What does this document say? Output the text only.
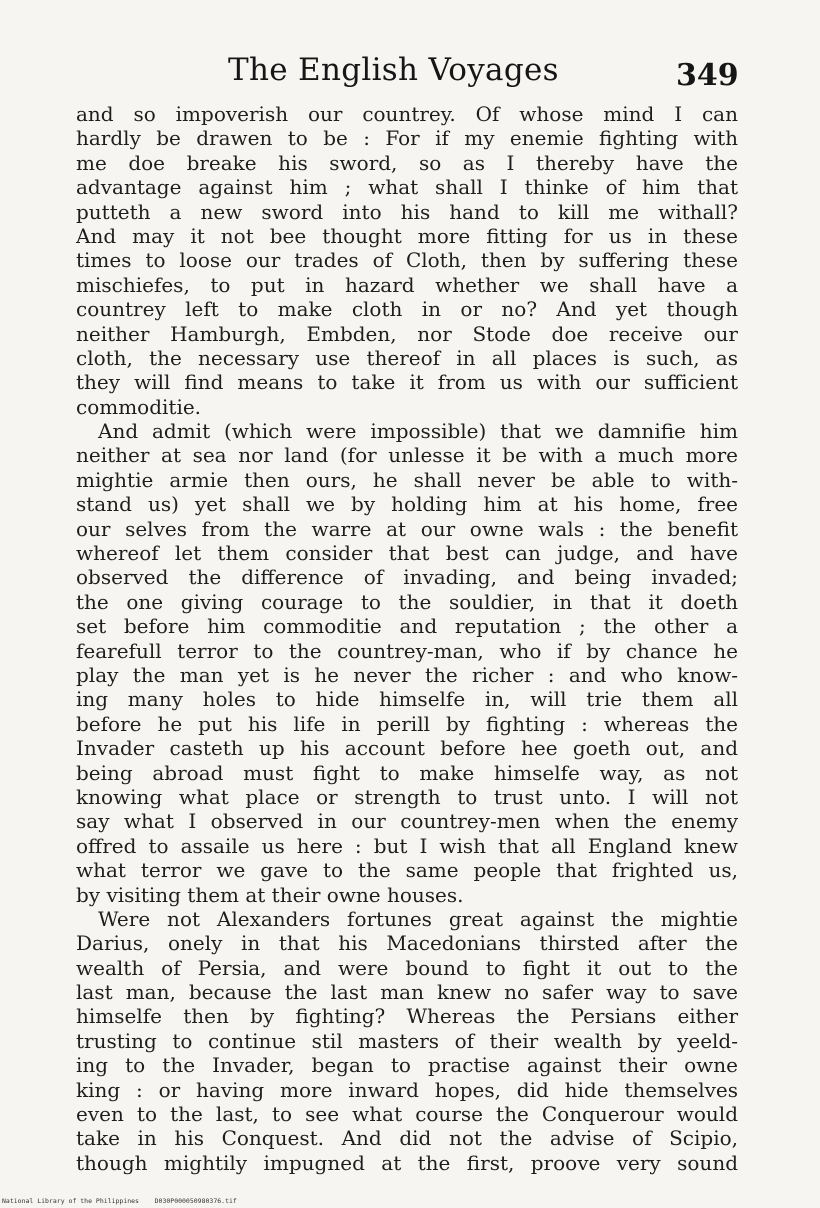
The English Voyages	349
and so impoverish our countrey. Of whose mind I can
hardly be drawen to be : For if my enemie fighting with
me doe breake his sword, so as I thereby have the
advantage against him ; what shall I thinke of him that
putteth a new sword into his hand to kill me withall?
And may it not bee thought more fitting for us in these
times to loose our trades of Cloth, then by suffering these
mischiefes, to put in hazard whether we shall have a
countrey left to make cloth in or no? And yet though
neither Hamburgh, Embden, nor Stode doe receive our
cloth, the necessary use thereof in all places is such, as
they will find means to take it from us with our sufficient
commoditie.
And admit (which were impossible) that we damnifie him
neither at sea nor land (for unlesse it be with a much more
mightie armie then ours, he shall never be able to with-
stand us) yet shall we by holding him at his home, free
our selves from the warre at our owne wals : the benefit
whereof let them consider that best can judge, and have
observed the difference of invading, and being invaded;
the one giving courage to the souldier, in that it doeth
set before him commoditie and reputation ; the other a
fearefull terror to the countrey-man, who if by chance he
play the man yet is he never the richer : and who know-
ing many holes to hide himselfe in, will trie them all
before he put his life in perill by fighting : whereas the
Invader casteth up his account before hee goeth out, and
being abroad must fight to make himselfe way, as not
knowing what place or strength to trust unto. I will not
say what I observed in our countrey-men when the enemy
offred to assaile us here : but I wish that all England knew
what terror we gave to the same people that frighted us,
by visiting them at their owne houses.
Were not Alexanders fortunes great against the mightie
Darius, onely in that his Macedonians thirsted after the
wealth of Persia, and were bound to fight it out to the
last man, because the last man knew no safer way to save
himselfe then by fighting? Whereas the Persians either
trusting to continue stil masters of their wealth by yeeld-
ing to the Invader, began to practise against their owne
king : or having more inward hopes, did hide themselves
even to the last, to see what course the Conquerour would
take in his Conquest. And did not the advise of Scipio,
though mightily impugned at the first, proove very sound
National Library of the Philippines D030P000050980376.tif
